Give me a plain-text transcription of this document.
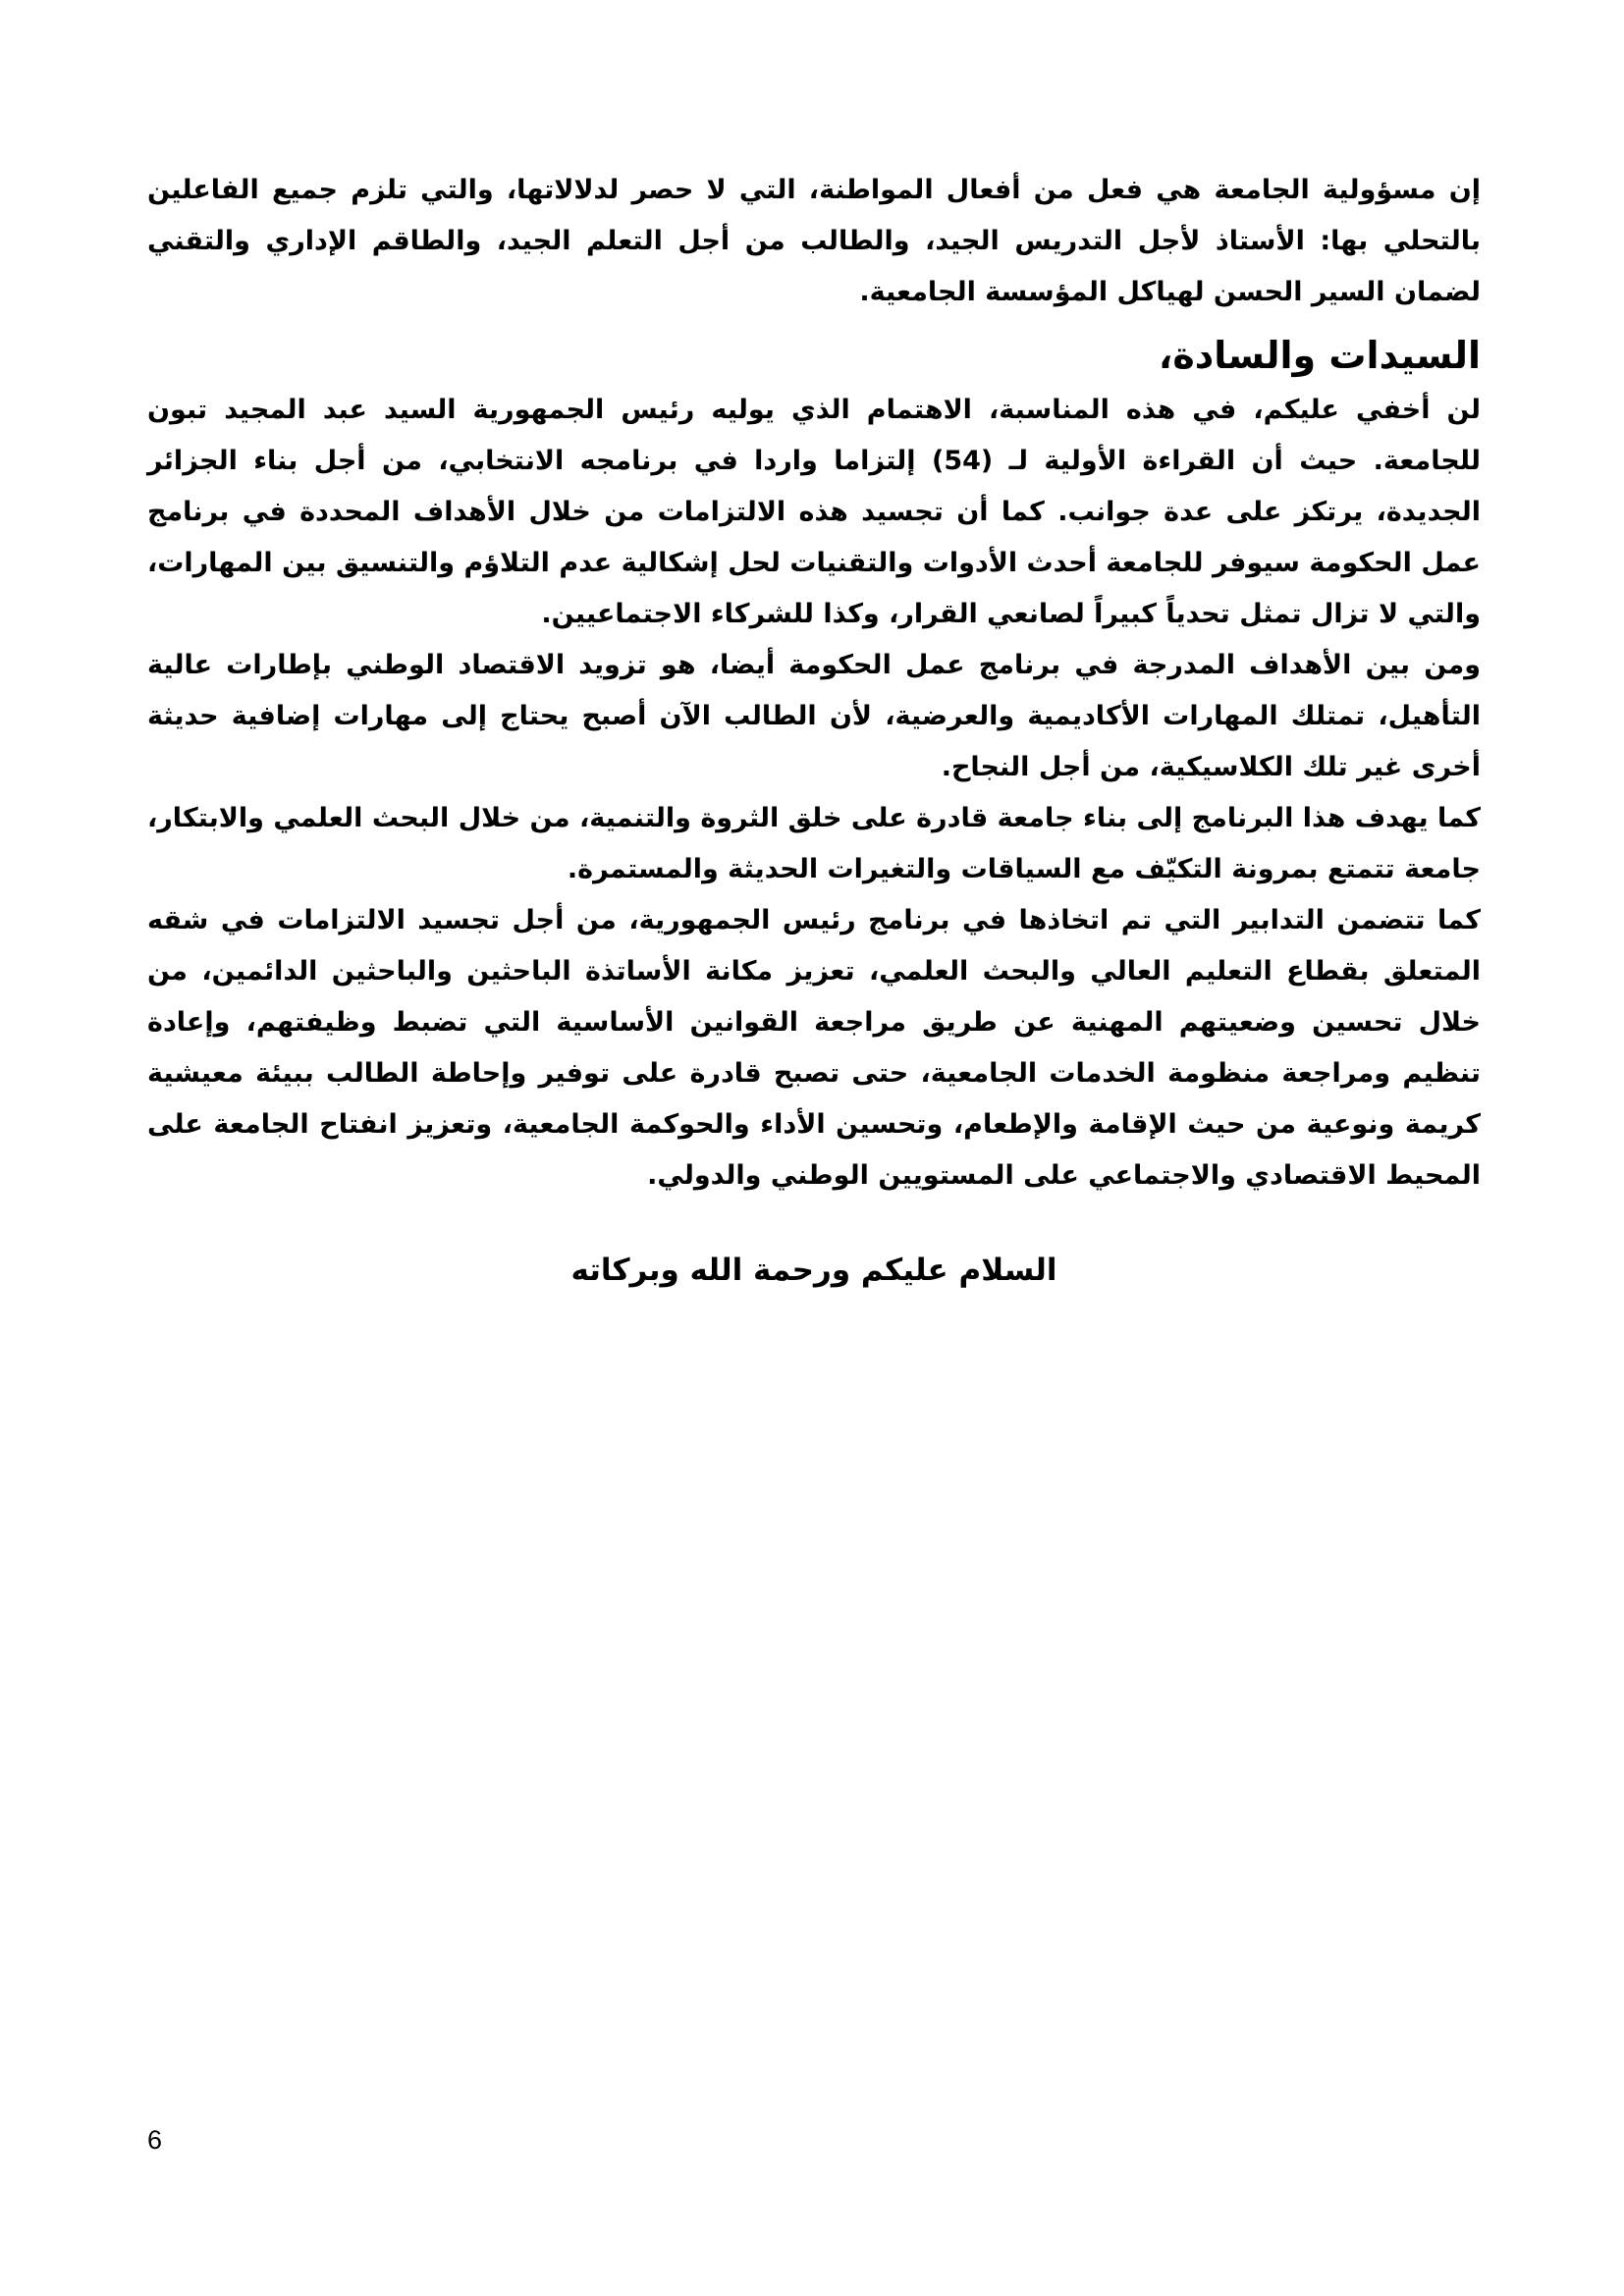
إن مسؤولية الجامعة هي فعل من أفعال المواطنة، التي لا حصر لدلالاتها، والتي تلزم جميع الفاعلين بالتحلي بها: الأستاذ لأجل التدريس الجيد، والطالب من أجل التعلم الجيد، والطاقم الإداري والتقني لضمان السير الحسن لهياكل المؤسسة الجامعية.

السيدات والسادة،

لن أخفي عليكم، في هذه المناسبة، الاهتمام الذي يوليه رئيس الجمهورية السيد عبد المجيد تبون للجامعة. حيث أن القراءة الأولية لـ (54) إلتزاما واردا في برنامجه الانتخابي، من أجل بناء الجزائر الجديدة، يرتكز على عدة جوانب. كما أن تجسيد هذه الالتزامات من خلال الأهداف المحددة في برنامج عمل الحكومة سيوفر للجامعة أحدث الأدوات والتقنيات لحل إشكالية عدم التلاؤم والتنسيق بين المهارات، والتي لا تزال تمثل تحدياً كبيراً لصانعي القرار، وكذا للشركاء الاجتماعيين.

ومن بين الأهداف المدرجة في برنامج عمل الحكومة أيضا، هو تزويد الاقتصاد الوطني بإطارات عالية التأهيل، تمتلك المهارات الأكاديمية والعرضية، لأن الطالب الآن أصبح يحتاج إلى مهارات إضافية حديثة أخرى غير تلك الكلاسيكية، من أجل النجاح.

كما يهدف هذا البرنامج إلى بناء جامعة قادرة على خلق الثروة والتنمية، من خلال البحث العلمي والابتكار، جامعة تتمتع بمرونة التكيّف مع السياقات والتغيرات الحديثة والمستمرة.

كما تتضمن التدابير التي تم اتخاذها في برنامج رئيس الجمهورية، من أجل تجسيد الالتزامات في شقه المتعلق بقطاع التعليم العالي والبحث العلمي، تعزيز مكانة الأساتذة الباحثين والباحثين الدائمين، من خلال تحسين وضعيتهم المهنية عن طريق مراجعة القوانين الأساسية التي تضبط وظيفتهم، وإعادة تنظيم ومراجعة منظومة الخدمات الجامعية، حتى تصبح قادرة على توفير وإحاطة الطالب ببيئة معيشية كريمة ونوعية من حيث الإقامة والإطعام، وتحسين الأداء والحوكمة الجامعية، وتعزيز انفتاح الجامعة على المحيط الاقتصادي والاجتماعي على المستويين الوطني والدولي.

السلام عليكم ورحمة الله وبركاته
6
